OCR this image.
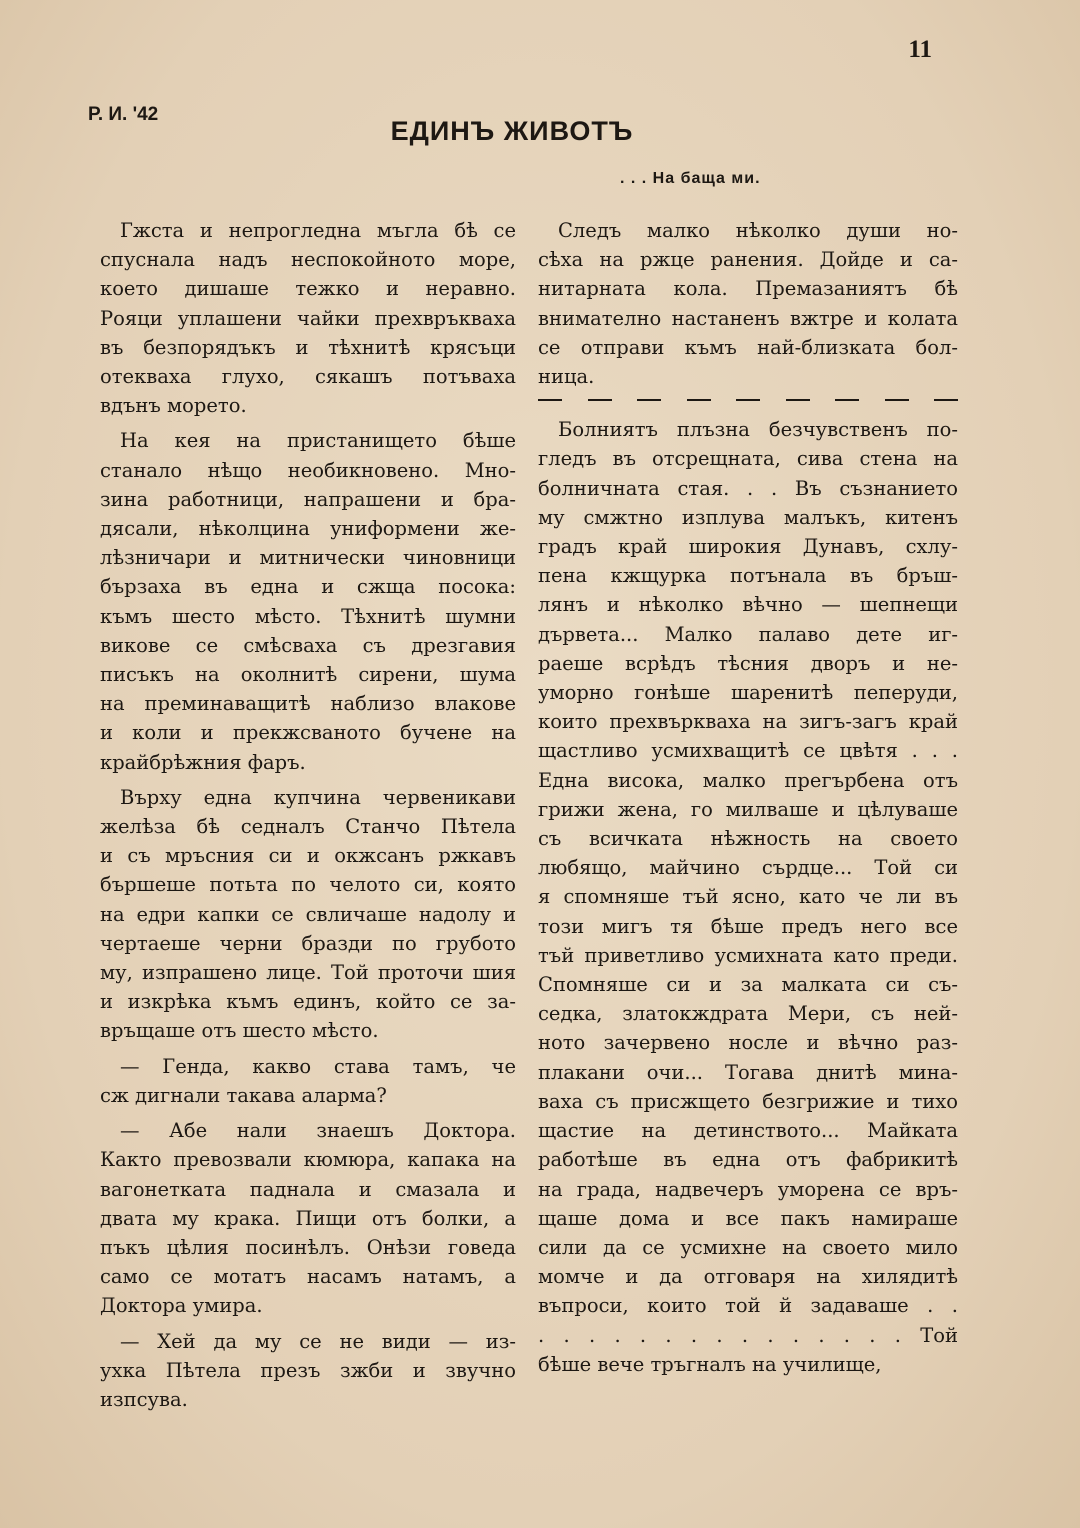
11
Р. И. '42
ЕДИНЪ ЖИВОТЪ
. . . На баща ми.
Гжста и непрогледна мъгла бѣ се
спуснала надъ неспокойното море,
което дишаше тежко и неравно.
Рояци уплашени чайки прехвръкваха
въ безпорядъкъ и тѣхнитѣ крясъци
отекваха глухо, сякашъ потъваха
вдънъ морето.
На кея на пристанището бѣше
станало нѣщо необикновено. Мно-
зина работници, напрашени и бра-
дясали, нѣколцина униформени же-
лѣзничари и митнически чиновници
бързаха въ една и сжща посока:
къмъ шесто мѣсто. Тѣхнитѣ шумни
викове се смѣсваха съ дрезгавия
писъкъ на околнитѣ сирени, шума
на преминаващитѣ наблизо влакове
и коли и прекжсваното бучене на
крайбрѣжния фаръ.
Върху една купчина червеникави
желѣза бѣ седналъ Станчо Пѣтела
и съ мръсния си и окжсанъ ржкавъ
бършеше потьта по челото си, която
на едри капки се свличаше надолу и
чертаеше черни бразди по грубото
му, изпрашено лице. Той проточи шия
и изкрѣка къмъ единъ, който се за-
връщаше отъ шесто мѣсто.
— Генда, какво става тамъ, че
сж дигнали такава аларма?
— Абе нали знаешъ Доктора.
Както превозвали кюмюра, капака на
вагонетката паднала и смазала и
двата му крака. Пищи отъ болки, а
пъкъ цѣлия посинѣлъ. Онѣзи говеда
само се мотатъ насамъ натамъ, а
Доктора умира.
— Хей да му се не види — из-
ухка Пѣтела презъ зжби и звучно
изпсува.
Следъ малко нѣколко души но-
сѣха на ржце ранения. Дойде и са-
нитарната кола. Премазаниятъ бѣ
внимателно настаненъ вжтре и колата
се отправи къмъ най-близката бол-
ница.
Болниятъ плъзна безчувственъ по-
гледъ въ отсрещната, сива стена на
болничната стая. . . Въ съзнанието
му смжтно изплува малъкъ, китенъ
градъ край широкия Дунавъ, схлу-
пена кжщурка потънала въ бръш-
лянъ и нѣколко вѣчно — шепнещи
дървета... Малко палаво дете иг-
раеше всрѣдъ тѣсния дворъ и не-
уморно гонѣше шаренитѣ пеперуди,
които прехвъркваха на зигъ-загъ край
щастливо усмихващитѣ се цвѣтя . . .
Една висока, малко прегърбена отъ
грижи жена, го милваше и цѣлуваше
съ всичката нѣжность на своето
любящо, майчино сърдце... Той си
я спомняше тъй ясно, като че ли въ
този мигъ тя бѣше предъ него все
тъй приветливо усмихната като преди.
Спомняше си и за малката си съ-
седка, златокждрата Мери, съ ней-
ното зачервено носле и вѣчно раз-
плакани очи... Тогава днитѣ мина-
ваха съ присжщето безгрижие и тихо
щастие на детинството... Майката
работѣше въ една отъ фабрикитѣ
на града, надвечеръ уморена се връ-
щаше дома и все пакъ намираше
сили да се усмихне на своето мило
момче и да отговаря на хилядитѣ
въпроси, които той й задаваше . .
. . . . . . . . . . . . . . . Той
бѣше вече тръгналъ на училище,
